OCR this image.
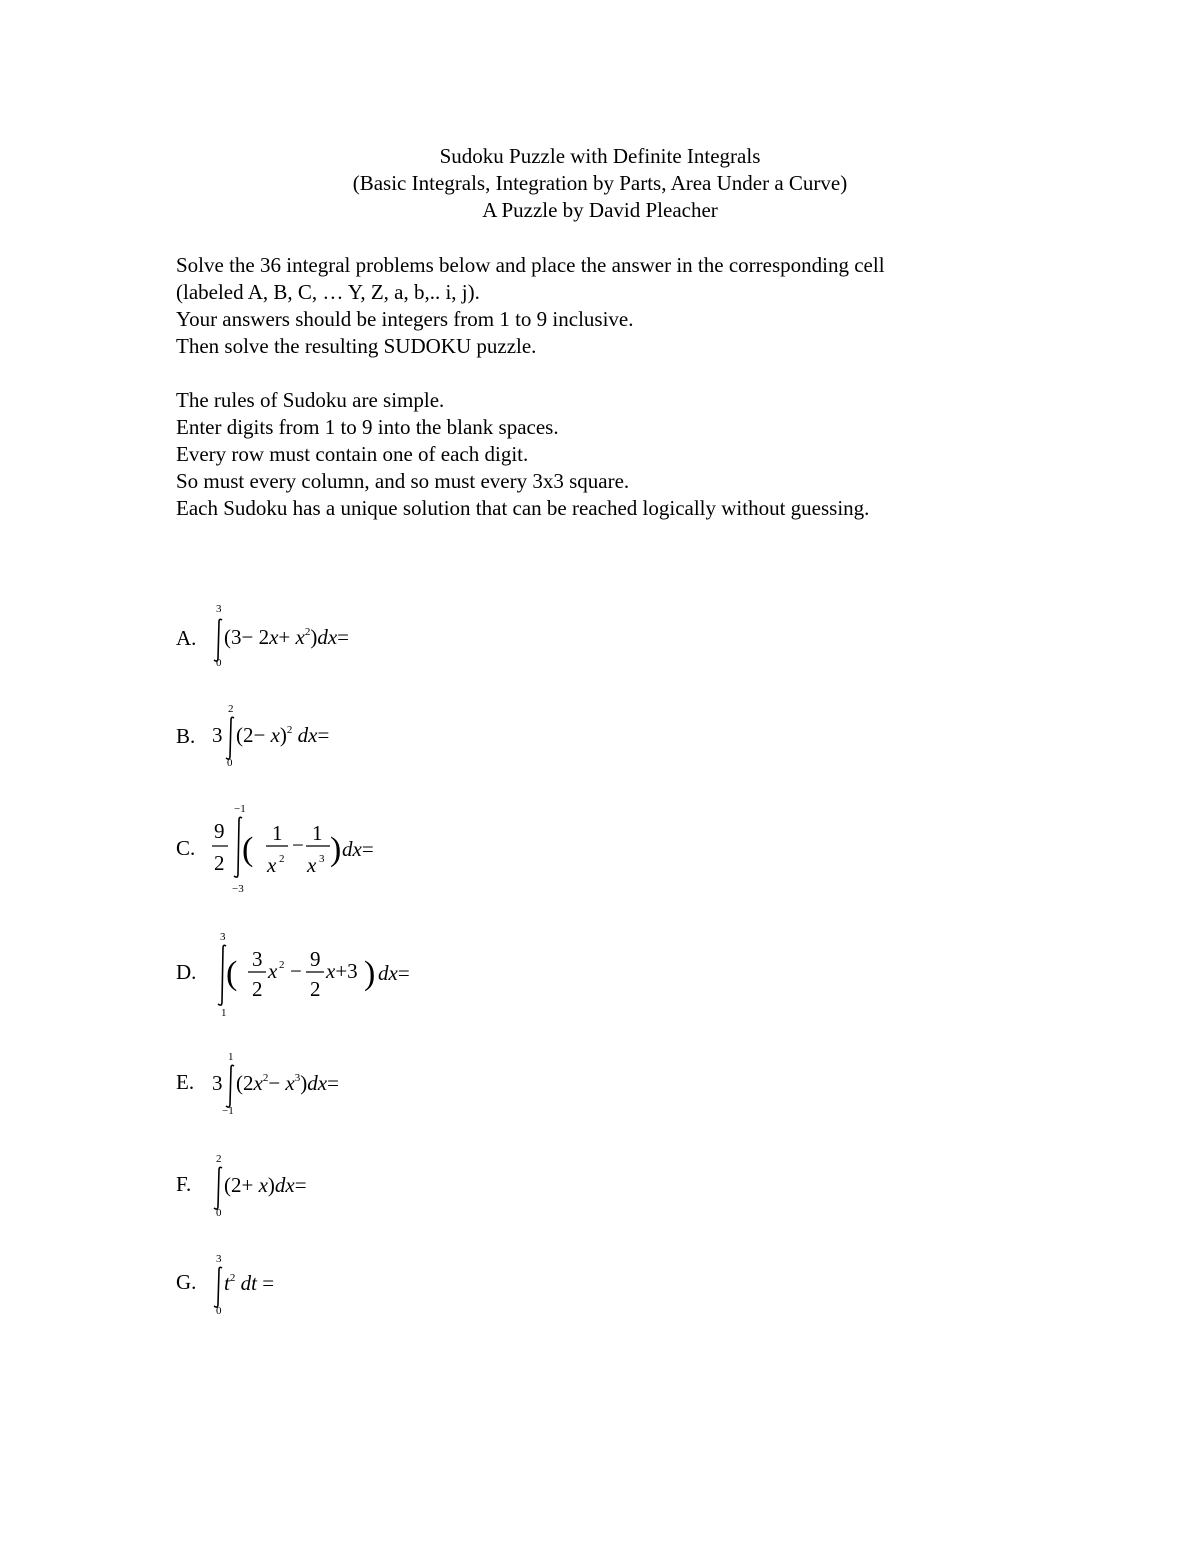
Sudoku Puzzle with Definite Integrals
(Basic Integrals, Integration by Parts, Area Under a Curve)
A Puzzle by David Pleacher
Solve the 36 integral problems below and place the answer in the corresponding cell
(labeled A, B, C, … Y, Z, a, b,.. i, j).
Your answers should be integers from 1 to 9 inclusive.
Then solve the resulting SUDOKU puzzle.
The rules of Sudoku are simple.
Enter digits from 1 to 9 into the blank spaces.
Every row must contain one of each digit.
So must every column, and so must every 3x3 square.
Each Sudoku has a unique solution that can be reached logically without guessing.
A.
3
0
$(3- 2x+ x^2)dx=$
B. 3
2
0
$(2- x)^2$ dx=
C.
9
2
−1
−3
( 1
x 2
− 1
x 3 ) dx=
D.
3
1
( 3
2
x 2 − 9
2
x+3 ) dx=
E. 3
1
−1
$(2x^2- x^3)dx=$
F.
2
0
(2+ x)dx=
G.
3
0
$t^2$ dt =
